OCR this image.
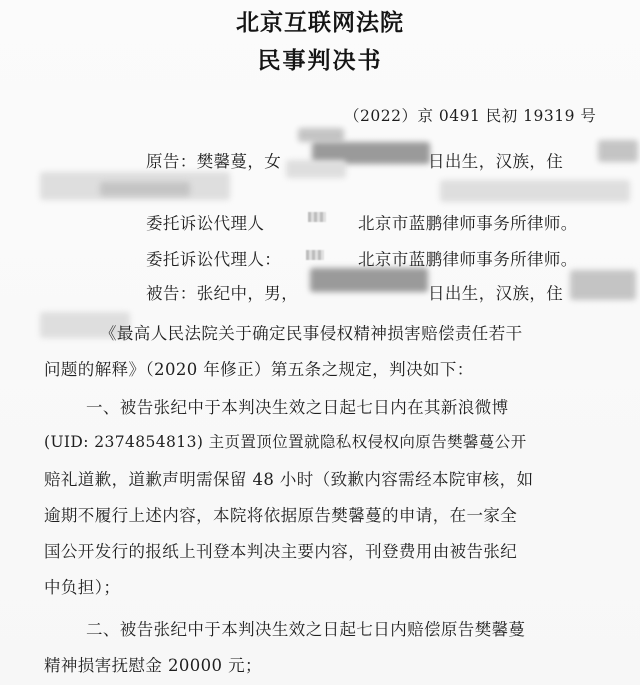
北京互联网法院
民事判决书
（2022）京 0491 民初 19319 号
原告：樊馨蔓，女	日出生，汉族，住
委托诉讼代理人	北京市蓝鹏律师事务所律师。
委托诉讼代理人：	北京市蓝鹏律师事务所律师。
被告：张纪中，男，	日出生，汉族，住
《最高人民法院关于确定民事侵权精神损害赔偿责任若干
问题的解释》（2020 年修正）第五条之规定，判决如下：
一、被告张纪中于本判决生效之日起七日内在其新浪微博
(UID: 2374854813) 主页置顶位置就隐私权侵权向原告樊馨蔓公开
赔礼道歉，道歉声明需保留 48 小时（致歉内容需经本院审核，如
逾期不履行上述内容，本院将依据原告樊馨蔓的申请，在一家全
国公开发行的报纸上刊登本判决主要内容，刊登费用由被告张纪
中负担）；
二、被告张纪中于本判决生效之日起七日内赔偿原告樊馨蔓
精神损害抚慰金 20000 元；
